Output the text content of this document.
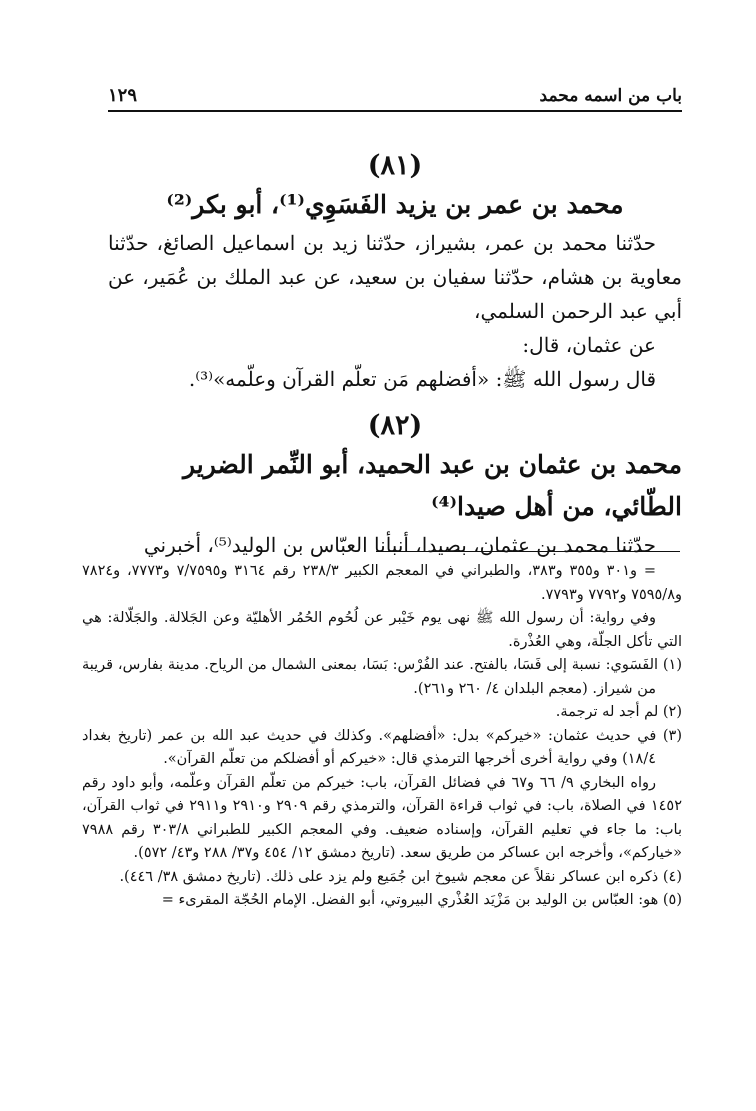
باب من اسمه محمد
١٢٩

(٨١)

محمد بن عمر بن يزيد الفَسَوِي⁽¹⁾، أبو بكر⁽²⁾

حدّثنا محمد بن عمر، بشيراز، حدّثنا زيد بن اسماعيل الصائغ، حدّثنا معاوية بن هشام، حدّثنا سفيان بن سعيد، عن عبد الملك بن عُمَير، عن أبي عبد الرحمن السلمي،

عن عثمان، قال:

قال رسول الله ﷺ: «أفضلهم مَن تعلّم القرآن وعلّمه»⁽³⁾.

(٨٢)

محمد بن عثمان بن عبد الحميد، أبو النِّمر الضرير الطّائي، من أهل صيدا⁽⁴⁾

حدّثنا محمد بن عثمان، بصيدا، أنبأنا العبّاس بن الوليد⁽⁵⁾، أخبرني

= و٣٠١ و٣٥٥ و٣٨٣، والطبراني في المعجم الكبير ٢٣٨/٣ رقم ٣١٦٤ و٧/٧٥٩٥ و٧٧٧٣، و٧٨٢٤ و٧٥٩٥/٨ و٧٧٩٢ و٧٧٩٣.

وفي رواية: أن رسول الله ﷺ نهى يوم خَيْبر عن لُحُوم الحُمُر الأهليّة وعن الجَلالة. والجَلّالة: هي التي تأكل الجلّة، وهي العُذْرة.

(١) الفَسَوي: نسبة إلى فَسَا، بالفتح. عند الفُرْس: بَسَا، بمعنى الشمال من الرياح. مدينة بفارس، قريبة من شيراز. (معجم البلدان ٤/ ٢٦٠ و٢٦١).

(٢) لم أجد له ترجمة.

(٣) في حديث عثمان: «خيركم» بدل: «أفضلهم». وكذلك في حديث عبد الله بن عمر (تاريخ بغداد ١٨/٤) وفي رواية أخرى أخرجها الترمذي قال: «خيركم أو أفضلكم من تعلّم القرآن».

رواه البخاري ٩/ ٦٦ و٦٧ في فضائل القرآن، باب: خيركم من تعلّم القرآن وعلّمه، وأبو داود رقم ١٤٥٢ في الصلاة، باب: في ثواب قراءة القرآن، والترمذي رقم ٢٩٠٩ و٢٩١٠ و٢٩١١ في ثواب القرآن، باب: ما جاء في تعليم القرآن، وإسناده ضعيف. وفي المعجم الكبير للطبراني ٣٠٣/٨ رقم ٧٩٨٨ «خياركم»، وأخرجه ابن عساكر من طريق سعد. (تاريخ دمشق ١٢/ ٤٥٤ و٣٧/ ٢٨٨ و٤٣/ ٥٧٢).

(٤) ذكره ابن عساكر نقلاً عن معجم شيوخ ابن جُمَيع ولم يزد على ذلك. (تاريخ دمشق ٣٨/ ٤٤٦).

(٥) هو: العبّاس بن الوليد بن مَزْيَد العُذْري البيروتي، أبو الفضل. الإمام الحُجّة المقرىء =
